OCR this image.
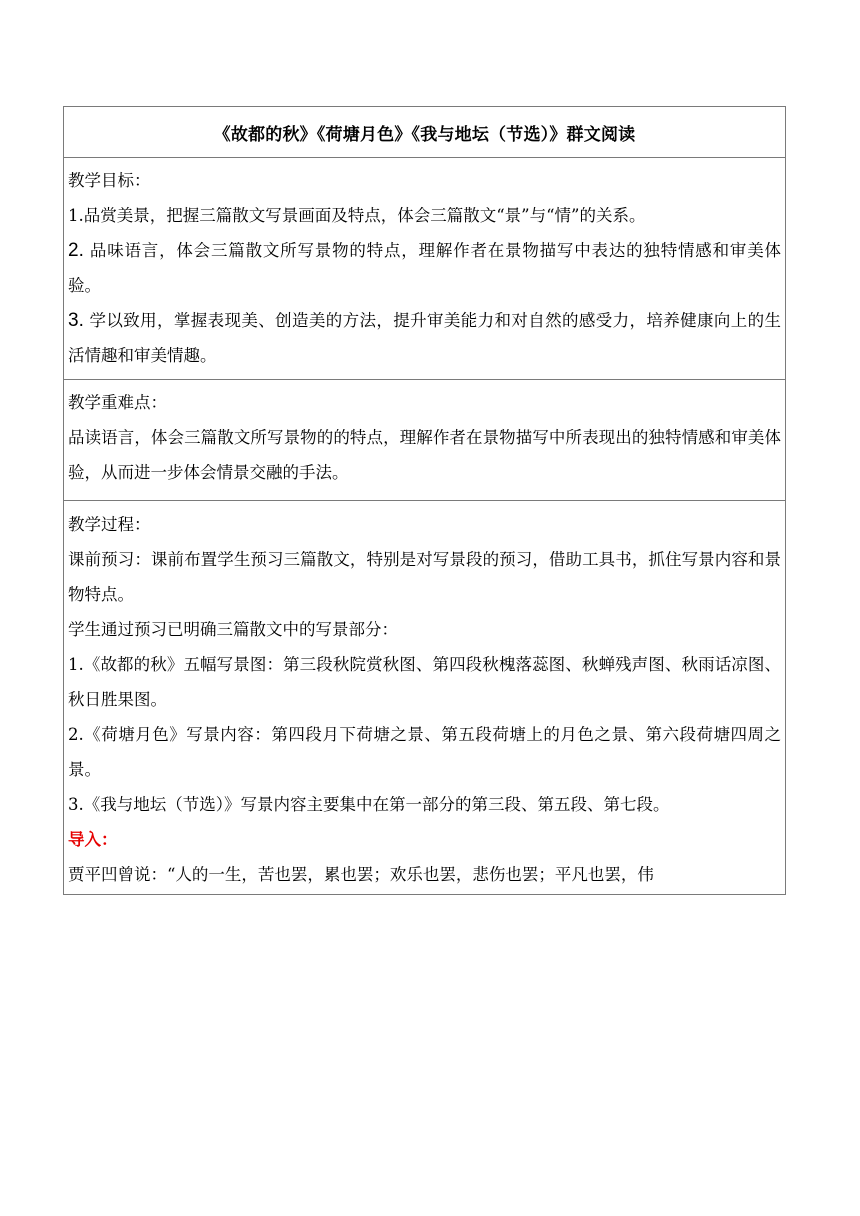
《故都的秋》《荷塘月色》《我与地坛（节选）》群文阅读

教学目标：
1.品赏美景，把握三篇散文写景画面及特点，体会三篇散文“景”与“情”的关系。
2. 品味语言，体会三篇散文所写景物的特点，理解作者在景物描写中表达的独特情感和审美体验。
3. 学以致用，掌握表现美、创造美的方法，提升审美能力和对自然的感受力，培养健康向上的生活情趣和审美情趣。

教学重难点：
品读语言，体会三篇散文所写景物的的特点，理解作者在景物描写中所表现出的独特情感和审美体验，从而进一步体会情景交融的手法。

教学过程：
课前预习：课前布置学生预习三篇散文，特别是对写景段的预习，借助工具书，抓住写景内容和景物特点。
学生通过预习已明确三篇散文中的写景部分：
1.《故都的秋》五幅写景图：第三段秋院赏秋图、第四段秋槐落蕊图、秋蝉残声图、秋雨话凉图、秋日胜果图。
2.《荷塘月色》写景内容：第四段月下荷塘之景、第五段荷塘上的月色之景、第六段荷塘四周之景。
3.《我与地坛（节选）》写景内容主要集中在第一部分的第三段、第五段、第七段。
导入：
贾平凹曾说：“人的一生，苦也罢，累也罢；欢乐也罢，悲伤也罢；平凡也罢，伟
